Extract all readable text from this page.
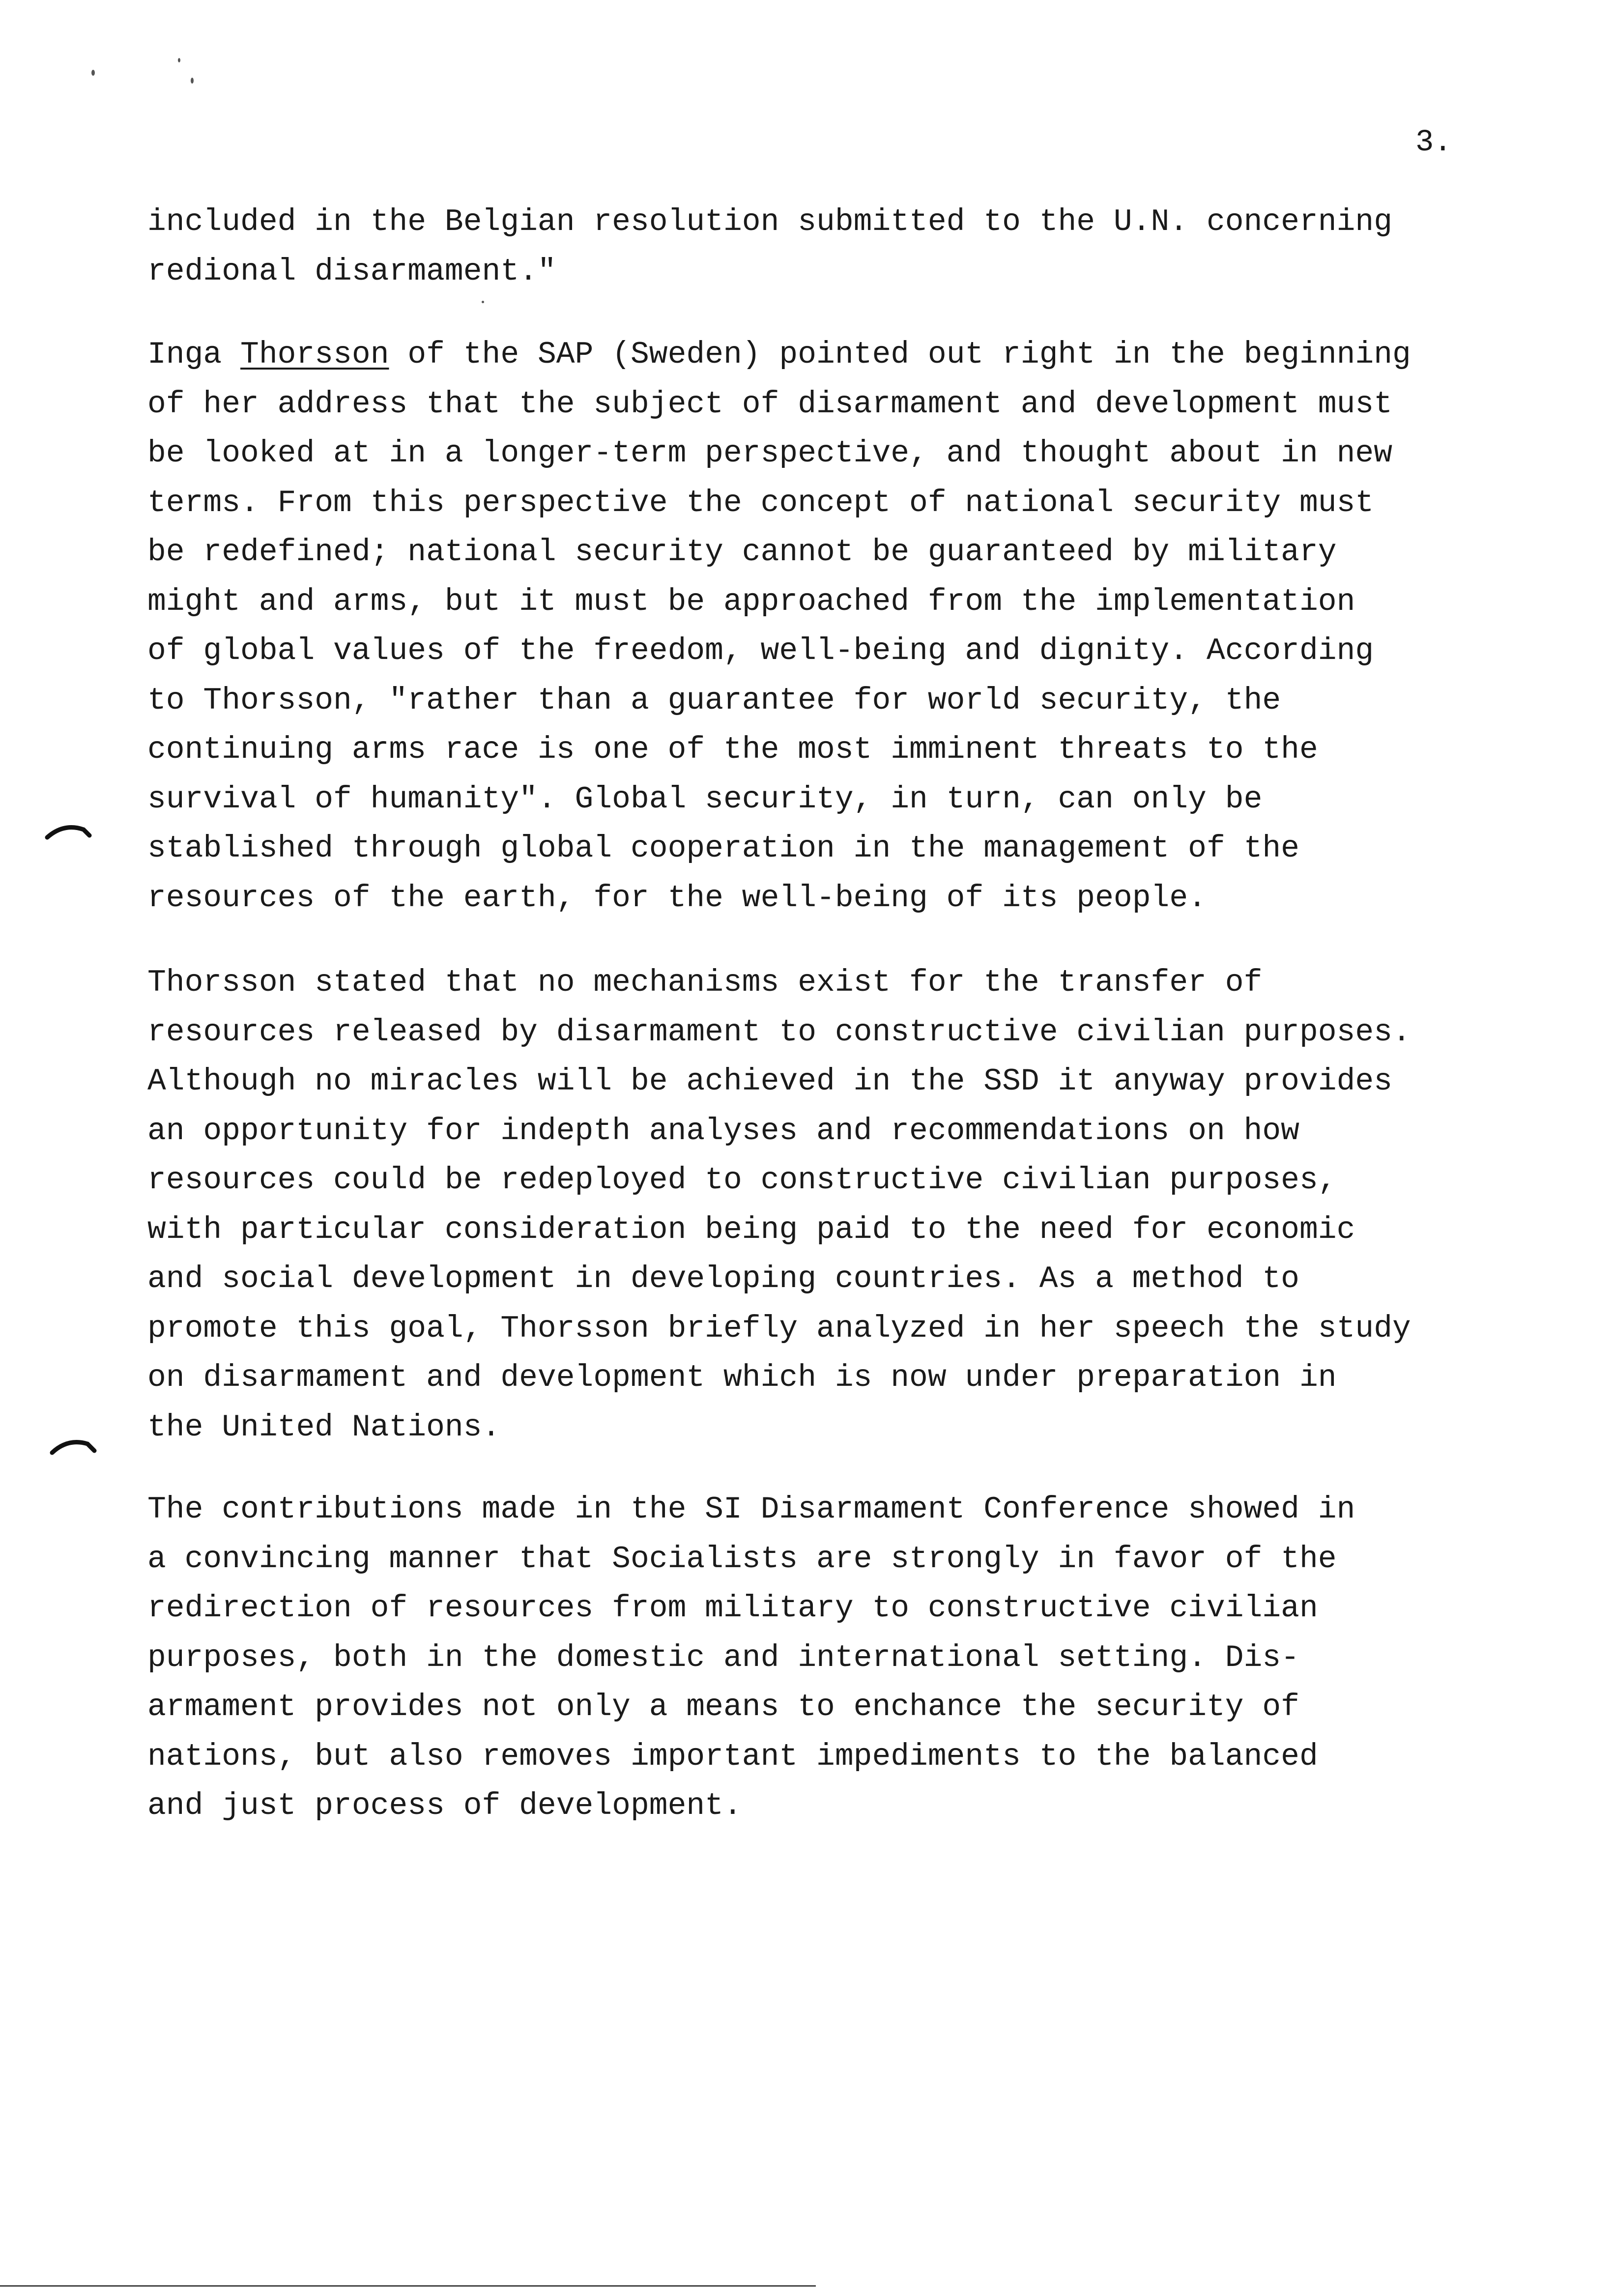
3.
included in the Belgian resolution submitted to the U.N. concerning
redional disarmament."
Inga Thorsson of the SAP (Sweden) pointed out right in the beginning
of her address that the subject of disarmament and development must
be looked at in a longer-term perspective, and thought about in new
terms. From this perspective the concept of national security must
be redefined; national security cannot be guaranteed by military
might and arms, but it must be approached from the implementation
of global values of the freedom, well-being and dignity. According
to Thorsson, "rather than a guarantee for world security, the
continuing arms race is one of the most imminent threats to the
survival of humanity". Global security, in turn, can only be
stablished through global cooperation in the management of the
resources of the earth, for the well-being of its people.
Thorsson stated that no mechanisms exist for the transfer of
resources released by disarmament to constructive civilian purposes.
Although no miracles will be achieved in the SSD it anyway provides
an opportunity for indepth analyses and recommendations on how
resources could be redeployed to constructive civilian purposes,
with particular consideration being paid to the need for economic
and social development in developing countries. As a method to
promote this goal, Thorsson briefly analyzed in her speech the study
on disarmament and development which is now under preparation in
the United Nations.
The contributions made in the SI Disarmament Conference showed in
a convincing manner that Socialists are strongly in favor of the
redirection of resources from military to constructive civilian
purposes, both in the domestic and international setting. Dis-
armament provides not only a means to enchance the security of
nations, but also removes important impediments to the balanced
and just process of development.
